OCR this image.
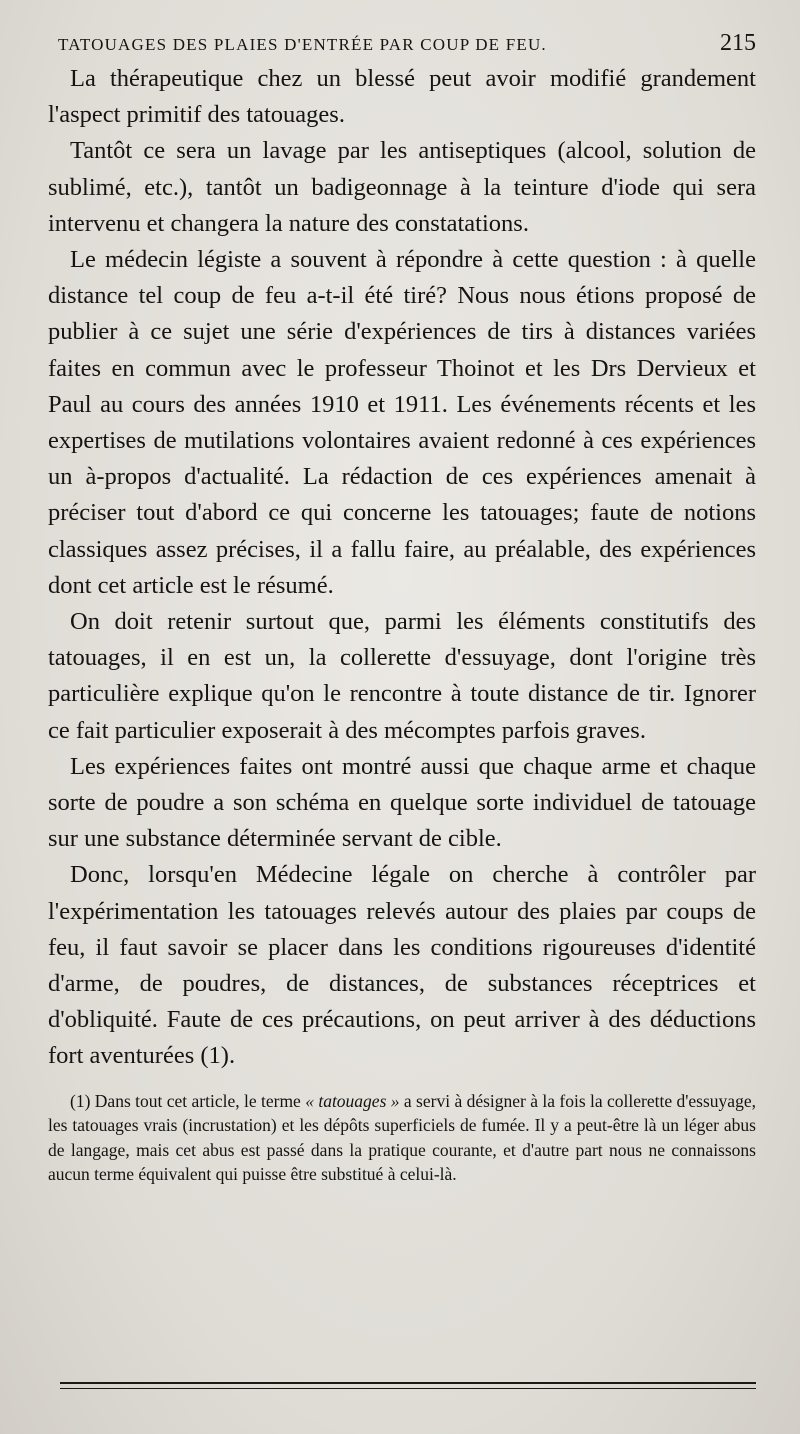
TATOUAGES DES PLAIES D'ENTRÉE PAR COUP DE FEU.	215

La thérapeutique chez un blessé peut avoir modifié grandement l'aspect primitif des tatouages.

Tantôt ce sera un lavage par les antiseptiques (alcool, solution de sublimé, etc.), tantôt un badigeonnage à la teinture d'iode qui sera intervenu et changera la nature des constatations.

Le médecin légiste a souvent à répondre à cette question : à quelle distance tel coup de feu a-t-il été tiré? Nous nous étions proposé de publier à ce sujet une série d'expériences de tirs à distances variées faites en commun avec le professeur Thoinot et les Drs Dervieux et Paul au cours des années 1910 et 1911. Les événements récents et les expertises de mutilations volontaires avaient redonné à ces expériences un à-propos d'actualité. La rédaction de ces expériences amenait à préciser tout d'abord ce qui concerne les tatouages; faute de notions classiques assez précises, il a fallu faire, au préalable, des expériences dont cet article est le résumé.

On doit retenir surtout que, parmi les éléments constitutifs des tatouages, il en est un, la collerette d'essuyage, dont l'origine très particulière explique qu'on le rencontre à toute distance de tir. Ignorer ce fait particulier exposerait à des mécomptes parfois graves.

Les expériences faites ont montré aussi que chaque arme et chaque sorte de poudre a son schéma en quelque sorte individuel de tatouage sur une substance déterminée servant de cible.

Donc, lorsqu'en Médecine légale on cherche à contrôler par l'expérimentation les tatouages relevés autour des plaies par coups de feu, il faut savoir se placer dans les conditions rigoureuses d'identité d'arme, de poudres, de distances, de substances réceptrices et d'obliquité. Faute de ces précautions, on peut arriver à des déductions fort aventurées (1).

(1) Dans tout cet article, le terme « tatouages » a servi à désigner à la fois la collerette d'essuyage, les tatouages vrais (incrustation) et les dépôts superficiels de fumée. Il y a peut-être là un léger abus de langage, mais cet abus est passé dans la pratique courante, et d'autre part nous ne connaissons aucun terme équivalent qui puisse être substitué à celui-là.
